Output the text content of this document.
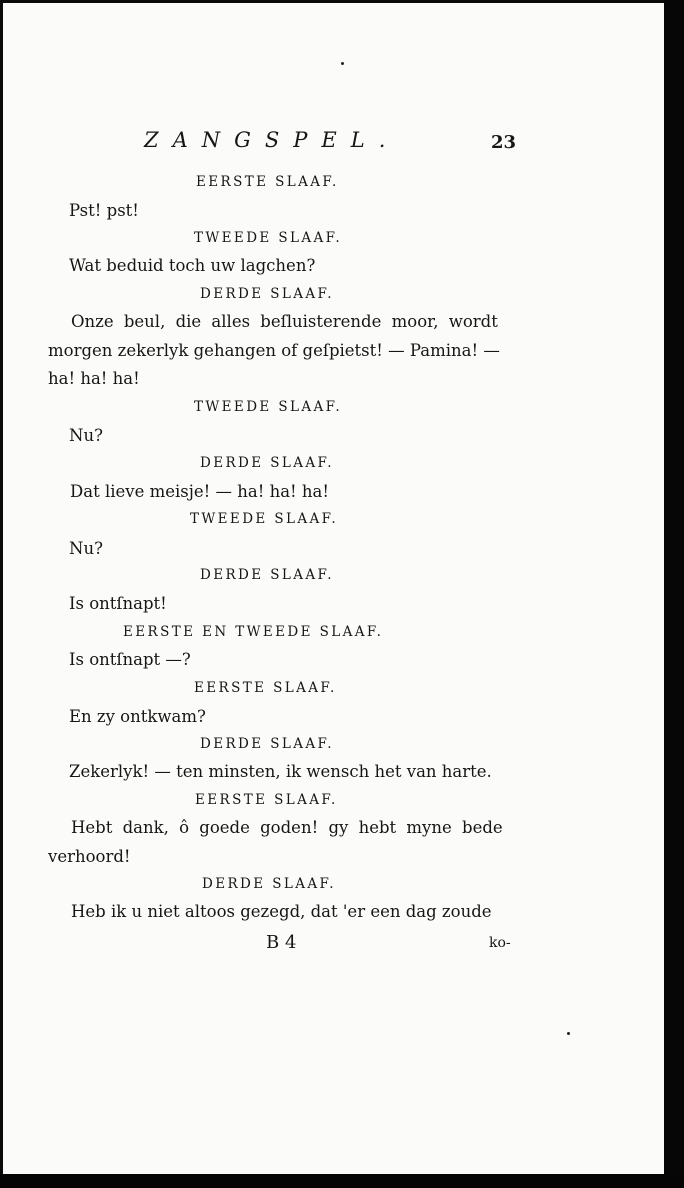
ZANGSPEL.	23
EERSTE SLAAF.
Pst! pst!
TWEEDE SLAAF.
Wat beduid toch uw lagchen?
DERDE SLAAF.
Onze beul, die alles beſluisterende moor, wordt
morgen zekerlyk gehangen of geſpietst! — Pamina! —
ha! ha! ha!
TWEEDE SLAAF.
Nu?
DERDE SLAAF.
Dat lieve meisje! — ha! ha! ha!
TWEEDE SLAAF.
Nu?
DERDE SLAAF.
Is ontſnapt!
EERSTE EN TWEEDE SLAAF.
Is ontſnapt —?
EERSTE SLAAF.
En zy ontkwam?
DERDE SLAAF.
Zekerlyk! — ten minsten, ik wensch het van harte.
EERSTE SLAAF.
Hebt dank, ô goede goden! gy hebt myne bede
verhoord!
DERDE SLAAF.
Heb ik u niet altoos gezegd, dat 'er een dag zoude
B 4	ko-
